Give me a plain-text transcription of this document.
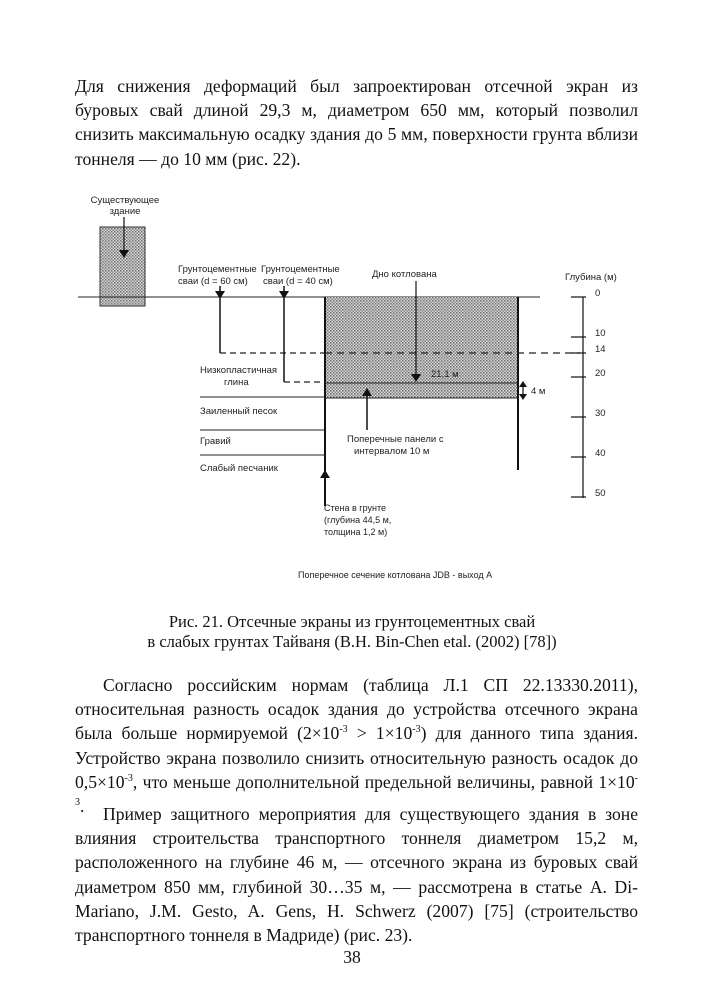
Для снижения деформаций был запроектирован отсечной экран из буровых свай длиной 29,3 м, диаметром 650 мм, который позволил снизить максимальную осадку здания до 5 мм, поверхности грунта вблизи тоннеля — до 10 мм (рис. 22).
Существующее
здание
Грунтоцементные
сваи (d = 60 см)
Грунтоцементные
сваи (d = 40 см)
Дно котлована
21,1 м
4 м
Низкопластичная
глина
Заиленный песок
Гравий
Слабый песчаник
Поперечные панели с
интервалом 10 м
Стена в грунте
(глубина 44,5 м,
толщина 1,2 м)
Глубина (м)
0
10
14
20
30
40
50
Поперечное сечение котлована JDB - выход А
Рис. 21. Отсечные экраны из грунтоцементных свай
в слабых грунтах Тайваня (B.H. Bin-Chen etal. (2002) [78])
Согласно российским нормам (таблица Л.1 СП 22.13330.2011), относительная разность осадок здания до устройства отсечного экрана была больше нормируемой $(2\times 10^{-3} > 1\times 10^{-3})$ для данного типа здания. Устройство экрана позволило снизить относительную разность осадок до $0,5\times 10^{-3}$, что меньше дополнительной предельной величины, равной $1\times 10^{-3}$.	Пример защитного мероприятия для существующего здания в зоне влияния строительства транспортного тоннеля диаметром 15,2 м, расположенного на глубине 46 м, — отсечного экрана из буровых свай диаметром 850 мм, глубиной 30…35 м, — рассмотрена в статье A. Di-Mariano, J.M. Gesto, A. Gens, H. Schwerz (2007) [75] (строительство транспортного тоннеля в Мадриде) (рис. 23).
38
